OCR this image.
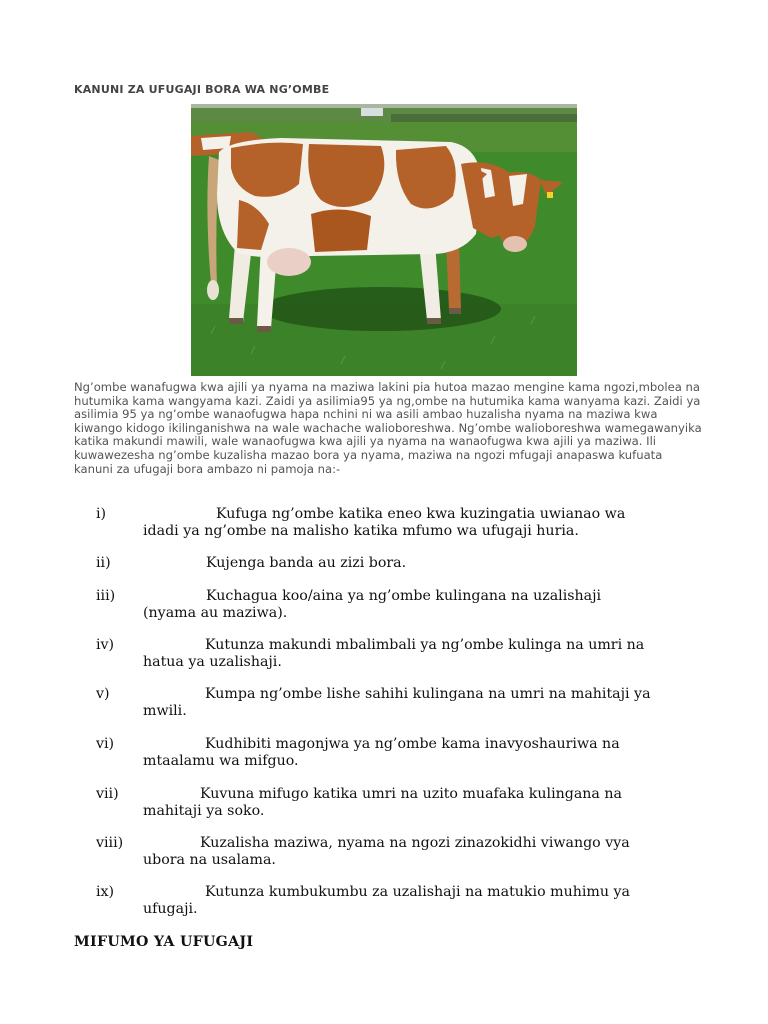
KANUNI ZA UFUGAJI BORA WA NG’OMBE

Ng’ombe wanafugwa kwa ajili ya nyama na maziwa lakini pia hutoa mazao mengine kama ngozi,mbolea na hutumika kama wangyama kazi. Zaidi ya asilimia95 ya ng,ombe na hutumika kama wanyama kazi. Zaidi ya asilimia 95 ya ng’ombe wanaofugwa hapa nchini ni wa asili ambao huzalisha nyama na maziwa kwa kiwango kidogo ikilinganishwa na wale wachache walioboreshwa. Ng’ombe walioboreshwa wamegawanyika katika makundi mawili, wale wanaofugwa kwa ajili ya nyama na wanaofugwa kwa ajili ya maziwa. Ili kuwawezesha ng’ombe kuzalisha mazao bora ya nyama, maziwa na ngozi mfugaji anapaswa kufuata kanuni za ufugaji bora ambazo ni pamoja na:-

i)	Kufuga ng’ombe katika eneo kwa kuzingatia uwianao wa
idadi ya ng’ombe na malisho katika mfumo wa ufugaji huria.
ii)	Kujenga banda au zizi bora.
iii)	Kuchagua koo/aina ya ng’ombe kulingana na uzalishaji
(nyama au maziwa).
iv)	Kutunza makundi mbalimbali ya ng’ombe kulinga na umri na
hatua ya uzalishaji.
v)	Kumpa ng’ombe lishe sahihi kulingana na umri na mahitaji ya
mwili.
vi)	Kudhibiti magonjwa ya ng’ombe kama inavyoshauriwa na
mtaalamu wa mifguo.
vii)	Kuvuna mifugo katika umri na uzito muafaka kulingana na
mahitaji ya soko.
viii)	Kuzalisha maziwa, nyama na ngozi zinazokidhi viwango vya
ubora na usalama.
ix)	Kutunza kumbukumbu za uzalishaji na matukio muhimu ya
ufugaji.
MIFUMO YA UFUGAJI
